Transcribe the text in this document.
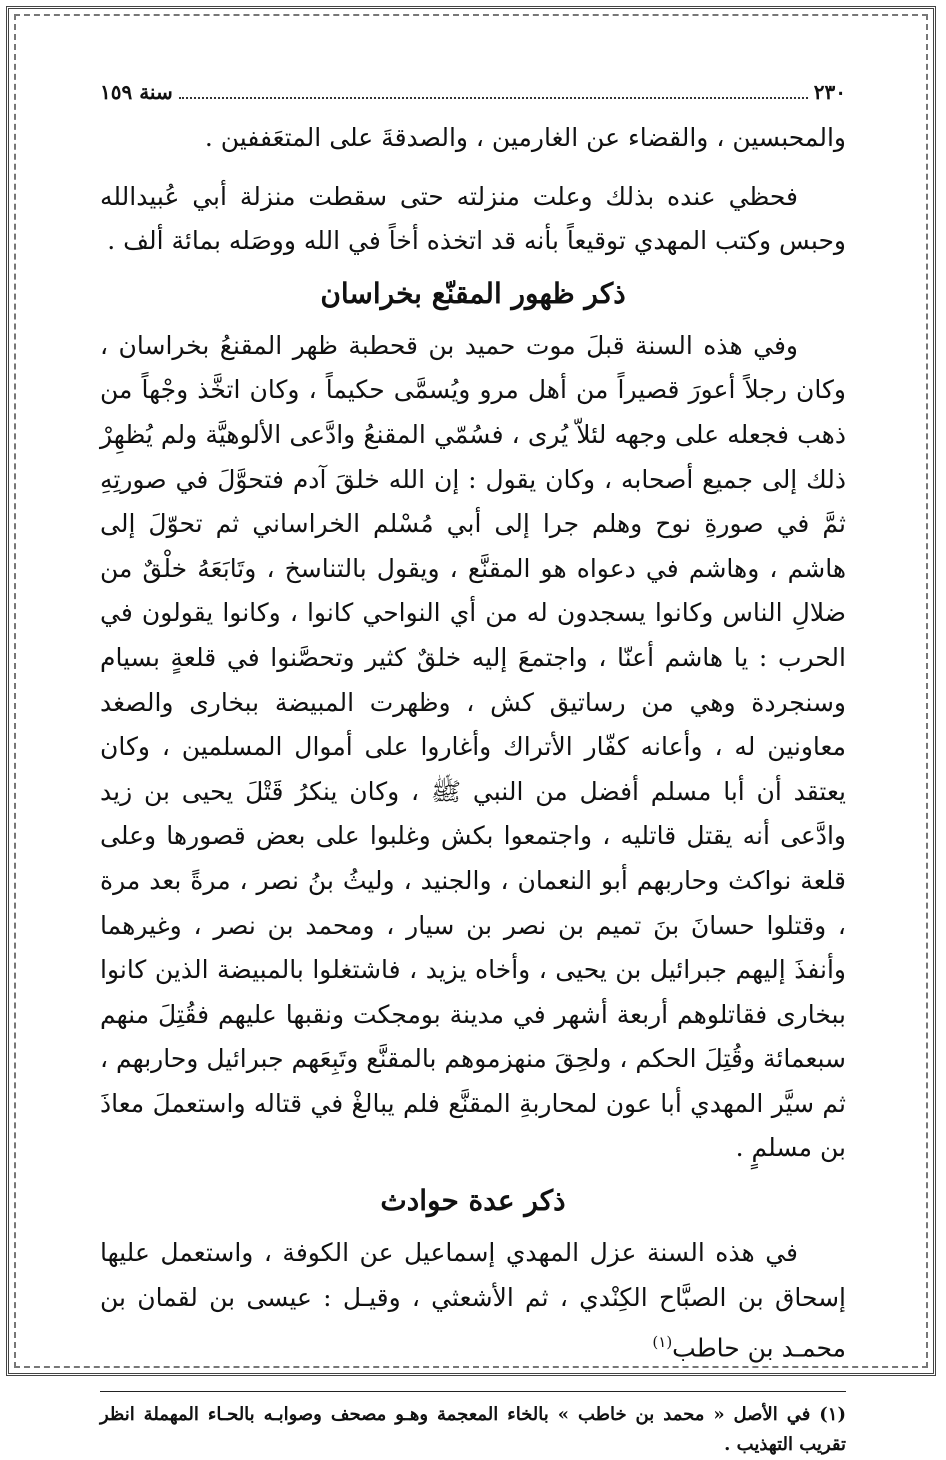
٢٣٠
سنة ١٥٩

والمحبسين ، والقضاء عن الغارمين ، والصدقةَ على المتعَففين .

فحظي عنده بذلك وعلت منزلته حتى سقطت منزلة أبي عُبيدالله وحبس وكتب المهدي توقيعاً بأنه قد اتخذه أخاً في الله ووصَله بمائة ألف .

ذكر ظهور المقنّع بخراسان

وفي هذه السنة قبلَ موت حميد بن قحطبة ظهر المقنعُ بخراسان ، وكان رجلاً أعورَ قصيراً من أهل مرو ويُسمَّى حكيماً ، وكان اتخَّذ وجْهاً من ذهب فجعله على وجهه لئلاّ يُرى ، فسُمّي المقنعُ وادَّعى الألوهيَّة ولم يُظهِرْ ذلك إلى جميع أصحابه ، وكان يقول : إن الله خلقَ آدم فتحوَّلَ في صورتِهِ ثمَّ في صورةِ نوح وهلم جرا إلى أبي مُسْلم الخراساني ثم تحوّلَ إلى هاشم ، وهاشم في دعواه هو المقنَّع ، ويقول بالتناسخ ، وتَابَعَهُ خلْقٌ من ضلالِ الناس وكانوا يسجدون له من أي النواحي كانوا ، وكانوا يقولون في الحرب : يا هاشم أعنّا ، واجتمعَ إليه خلقٌ كثير وتحصَّنوا في قلعةٍ بسيام وسنجردة وهي من رساتيق كش ، وظهرت المبيضة ببخارى والصغد معاونين له ، وأعانه كفّار الأتراك وأغاروا على أموال المسلمين ، وكان يعتقد أن أبا مسلم أفضل من النبي ﷺ ، وكان ينكرُ قَتْلَ يحيى بن زيد وادَّعى أنه يقتل قاتليه ، واجتمعوا بكش وغلبوا على بعض قصورها وعلى قلعة نواكث وحاربهم أبو النعمان ، والجنيد ، وليثُ بنُ نصر ، مرةً بعد مرة ، وقتلوا حسانَ بنَ تميم بن نصر بن سيار ، ومحمد بن نصر ، وغيرهما وأنفذَ إليهم جبرائيل بن يحيى ، وأخاه يزيد ، فاشتغلوا بالمبيضة الذين كانوا ببخارى فقاتلوهم أربعة أشهر في مدينة بومجكت ونقبها عليهم فقُتِلَ منهم سبعمائة وقُتِلَ الحكم ، ولحِقَ منهزموهم بالمقنَّع وتَبِعَهم جبرائيل وحاربهم ، ثم سيَّر المهدي أبا عون لمحاربةِ المقنَّع فلم يبالغْ في قتاله واستعملَ معاذَ بن مسلمٍ .

ذكر عدة حوادث

في هذه السنة عزل المهدي إسماعيل عن الكوفة ، واستعمل عليها إسحاق بن الصبَّاح الكِنْدي ، ثم الأشعثي ، وقيـل : عيسى بن لقمان بن محمـد بن حاطب$^{(١)}$

(١) في الأصل « محمد بن خاطب » بالخاء المعجمة وهـو مصحف وصوابـه بالحـاء المهملة انظر تقريب التهذيب .
